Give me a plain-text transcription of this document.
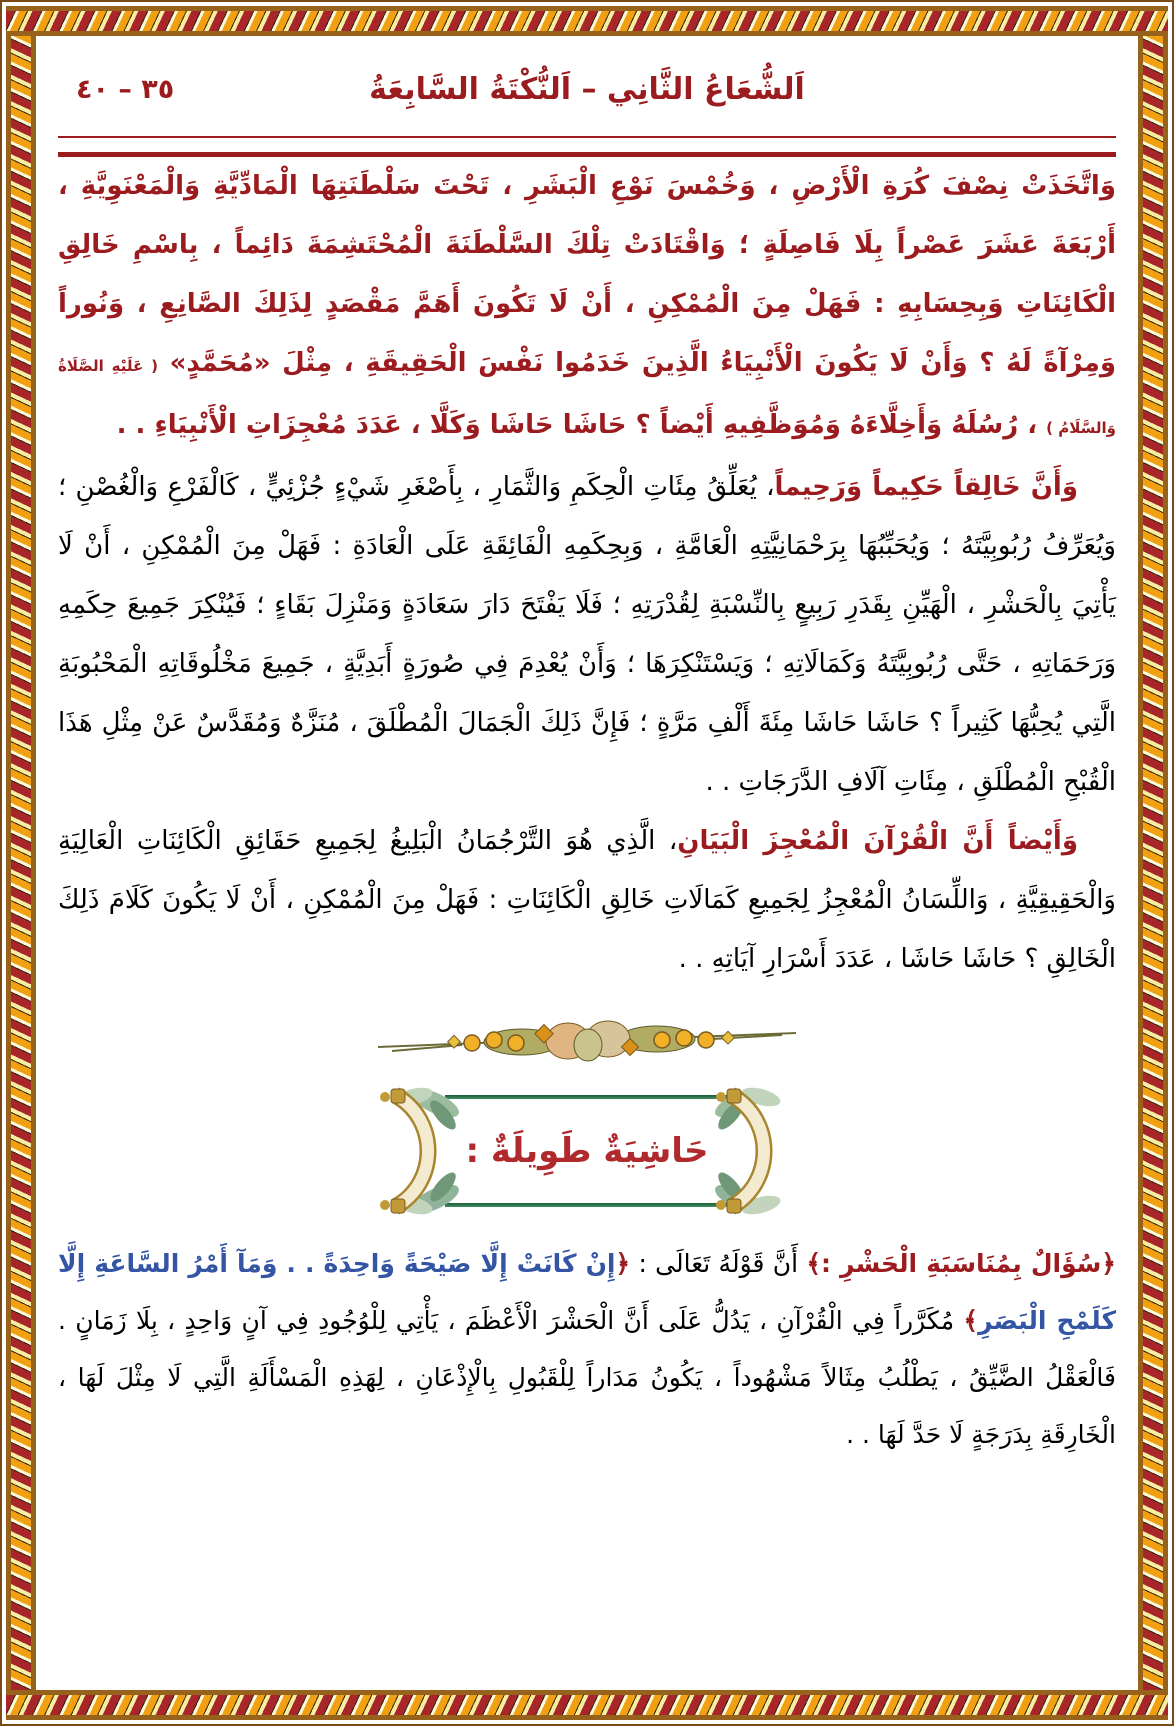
اَلشُّعَاعُ الثَّانِي – اَلنُّكْتَةُ السَّابِعَةُ
٣٥ – ٤٠

وَاتَّخَذَتْ نِصْفَ كُرَةِ الْأَرْضِ ، وَخُمْسَ نَوْعِ الْبَشَرِ ، تَحْتَ سَلْطَنَتِهَا الْمَادِّيَّةِ وَالْمَعْنَوِيَّةِ ، أَرْبَعَةَ عَشَرَ عَصْراً بِلَا فَاصِلَةٍ ؛ وَاقْتَادَتْ تِلْكَ السَّلْطَنَةَ الْمُحْتَشِمَةَ دَائِماً ، بِاسْمِ خَالِقِ الْكَائِنَاتِ وَبِحِسَابِهِ : فَهَلْ مِنَ الْمُمْكِنِ ، أَنْ لَا تَكُونَ أَهَمَّ مَقْصَدٍ لِذَلِكَ الصَّانِعِ ، وَنُوراً وَمِرْآةً لَهُ ؟ وَأَنْ لَا يَكُونَ الْأَنْبِيَاءُ الَّذِينَ خَدَمُوا نَفْسَ الْحَقِيقَةِ ، مِثْلَ «مُحَمَّدٍ» ( عَلَيْهِ الصَّلَاةُ وَالسَّلَامُ ) ، رُسُلَهُ وَأَخِلَّاءَهُ وَمُوَظَّفِيهِ أَيْضاً ؟ حَاشَا حَاشَا وَكَلَّا ، عَدَدَ مُعْجِزَاتِ الْأَنْبِيَاءِ . .

وَأَنَّ خَالِقاً حَكِيماً وَرَحِيماً، يُعَلِّقُ مِئَاتِ الْحِكَمِ وَالثَّمَارِ ، بِأَصْغَرِ شَيْءٍ جُزْئِيٍّ ، كَالْفَرْعِ وَالْغُصْنِ ؛ وَيُعَرِّفُ رُبُوبِيَّتَهُ ؛ وَيُحَبِّبُهَا بِرَحْمَانِيَّتِهِ الْعَامَّةِ ، وَبِحِكَمِهِ الْفَائِقَةِ عَلَى الْعَادَةِ : فَهَلْ مِنَ الْمُمْكِنِ ، أَنْ لَا يَأْتِيَ بِالْحَشْرِ ، الْهَيِّنِ بِقَدَرِ رَبِيعٍ بِالنِّسْبَةِ لِقُدْرَتِهِ ؛ فَلَا يَفْتَحَ دَارَ سَعَادَةٍ وَمَنْزِلَ بَقَاءٍ ؛ فَيُنْكِرَ جَمِيعَ حِكَمِهِ وَرَحَمَاتِهِ ، حَتَّى رُبُوبِيَّتَهُ وَكَمَالَاتِهِ ؛ وَيَسْتَنْكِرَهَا ؛ وَأَنْ يُعْدِمَ فِي صُورَةٍ أَبَدِيَّةٍ ، جَمِيعَ مَخْلُوقَاتِهِ الْمَحْبُوبَةِ الَّتِي يُحِبُّهَا كَثِيراً ؟ حَاشَا حَاشَا مِئَةَ أَلْفِ مَرَّةٍ ؛ فَإِنَّ ذَلِكَ الْجَمَالَ الْمُطْلَقَ ، مُنَزَّهٌ وَمُقَدَّسٌ عَنْ مِثْلِ هَذَا الْقُبْحِ الْمُطْلَقِ ، مِئَاتِ آلَافِ الدَّرَجَاتِ . .

وَأَيْضاً أَنَّ الْقُرْآنَ الْمُعْجِزَ الْبَيَانِ، الَّذِي هُوَ التَّرْجُمَانُ الْبَلِيغُ لِجَمِيعِ حَقَائِقِ الْكَائِنَاتِ الْعَالِيَةِ وَالْحَقِيقِيَّةِ ، وَاللِّسَانُ الْمُعْجِزُ لِجَمِيعِ كَمَالَاتِ خَالِقِ الْكَائِنَاتِ : فَهَلْ مِنَ الْمُمْكِنِ ، أَنْ لَا يَكُونَ كَلَامَ ذَلِكَ الْخَالِقِ ؟ حَاشَا حَاشَا ، عَدَدَ أَسْرَارِ آيَاتِهِ . .

حَاشِيَةٌ طَوِيلَةٌ :

﴿سُؤَالٌ بِمُنَاسَبَةِ الْحَشْرِ :﴾ أَنَّ قَوْلَهُ تَعَالَى : ﴿إِنْ كَانَتْ إِلَّا صَيْحَةً وَاحِدَةً . . وَمَآ أَمْرُ السَّاعَةِ إِلَّا كَلَمْحِ الْبَصَرِ﴾ مُكَرَّراً فِي الْقُرْآنِ ، يَدُلُّ عَلَى أَنَّ الْحَشْرَ الْأَعْظَمَ ، يَأْتِي لِلْوُجُودِ فِي آنٍ وَاحِدٍ ، بِلَا زَمَانٍ . فَالْعَقْلُ الضَّيِّقُ ، يَطْلُبُ مِثَالاً مَشْهُوداً ، يَكُونُ مَدَاراً لِلْقَبُولِ بِالْإِذْعَانِ ، لِهَذِهِ الْمَسْأَلَةِ الَّتِي لَا مِثْلَ لَهَا ، الْخَارِقَةِ بِدَرَجَةٍ لَا حَدَّ لَهَا . .
